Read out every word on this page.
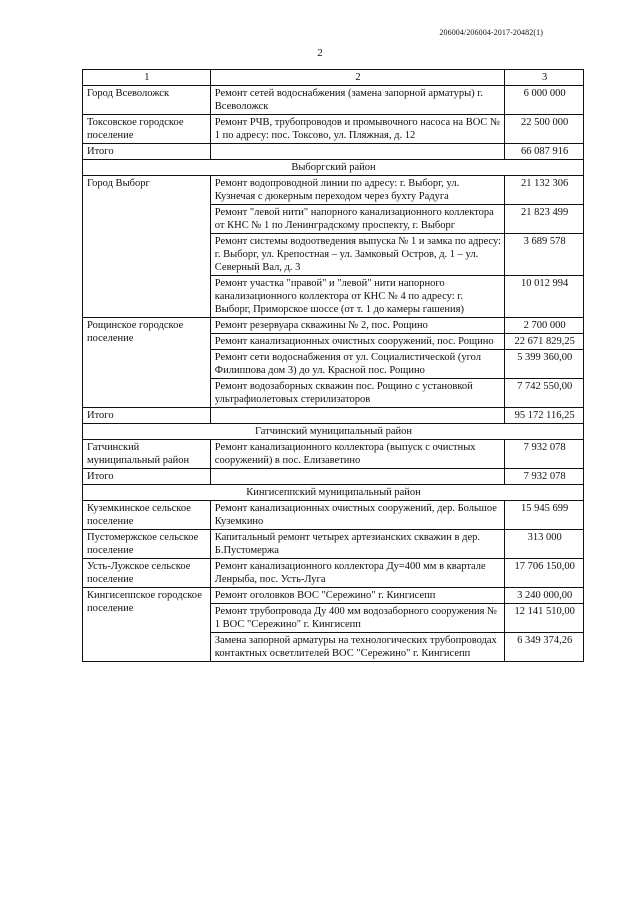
206004/206004-2017-20482(1)
2
1	2	3
Город Всеволожск	Ремонт сетей водоснабжения (замена запорной арматуры) г. Всеволожск	6 000 000
Токсовское городское поселение	Ремонт РЧВ, трубопроводов и промывочного насоса на ВОС № 1 по адресу: пос. Токсово, ул. Пляжная, д. 12	22 500 000
Итого		66 087 916
Выборгский район		
Город Выборг	Ремонт водопроводной линии по адресу: г. Выборг, ул. Кузнечая с дюкерным переходом через бухту Радуга	21 132 306
	Ремонт "левой нити" напорного канализационного коллектора от КНС № 1 по Ленинградскому проспекту, г. Выборг	21 823 499
	Ремонт системы водоотведения выпуска № 1 и замка по адресу: г. Выборг, ул. Крепостная – ул. Замковый Остров, д. 1 – ул. Северный Вал, д. 3	3 689 578
	Ремонт участка "правой" и "левой" нити напорного канализационного коллектора от КНС № 4 по адресу: г. Выборг, Приморское шоссе (от т. 1 до камеры гашения)	10 012 994
Рощинское городское поселение	Ремонт резервуара скважины № 2, пос. Рощино	2 700 000
	Ремонт канализационных очистных сооружений, пос. Рощино	22 671 829,25
	Ремонт сети водоснабжения от ул. Социалистической (угол Филиппова дом 3) до ул. Красной пос. Рощино	5 399 360,00
	Ремонт водозаборных скважин пос. Рощино с установкой ультрафиолетовых стерилизаторов	7 742 550,00
Итого		95 172 116,25
Гатчинский муниципальный район		
Гатчинский муниципальный район	Ремонт канализационного коллектора (выпуск с очистных сооружений) в пос. Елизаветино	7 932 078
Итого		7 932 078
Кингисеппский муниципальный район		
Куземкинское сельское поселение	Ремонт канализационных очистных сооружений, дер. Большое Куземкино	15 945 699
Пустомержское сельское поселение	Капитальный ремонт четырех артезианских скважин в дер. Б.Пустомержа	313 000
Усть-Лужское сельское поселение	Ремонт канализационного коллектора Ду=400 мм в квартале Ленрыба, пос. Усть-Луга	17 706 150,00
Кингисеппское городское поселение	Ремонт оголовков ВОС "Сережино" г. Кингисепп	3 240 000,00
	Ремонт трубопровода Ду 400 мм водозаборного сооружения № 1 ВОС "Сережино" г. Кингисепп	12 141 510,00
	Замена запорной арматуры на технологических трубопроводах контактных осветлителей ВОС "Сережино" г. Кингисепп	6 349 374,26
